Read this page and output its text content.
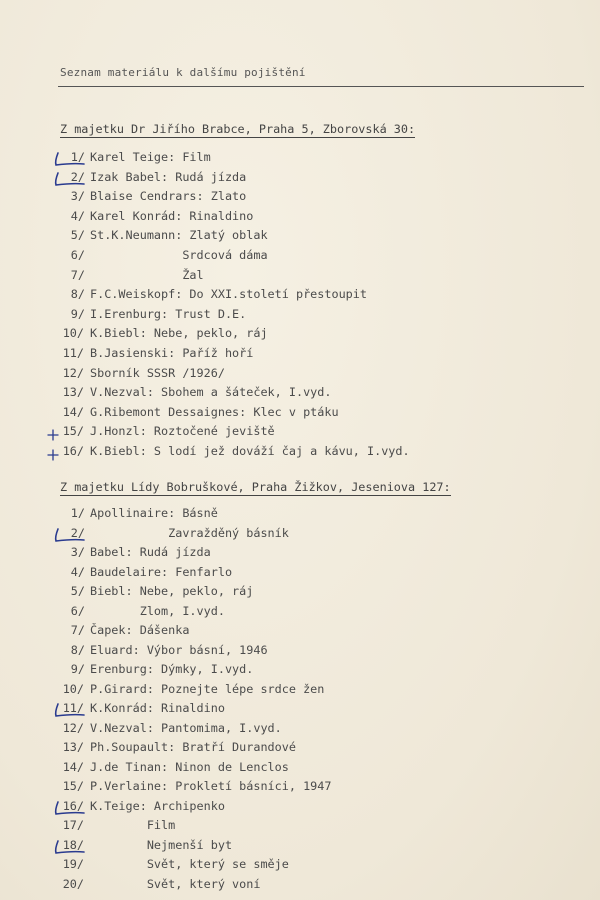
Seznam materiálu k dalšímu pojištění
Z majetku Dr Jiřího Brabce, Praha 5, Zborovská 30:
1/ Karel Teige: Film
2/ Izak Babel: Rudá jízda
3/ Blaise Cendrars: Zlato
4/ Karel Konrád: Rinaldino
5/ St.K.Neumann: Zlatý oblak
6/ Srdcová dáma
7/ Žal
8/ F.C.Weiskopf: Do XXI.století přestoupit
9/ I.Erenburg: Trust D.E.
10/ K.Biebl: Nebe, peklo, ráj
11/ B.Jasienski: Paříž hoří
12/ Sborník SSSR /1926/
13/ V.Nezval: Sbohem a šáteček, I.vyd.
14/ G.Ribemont Dessaignes: Klec v ptáku
15/ J.Honzl: Roztočené jeviště
16/ K.Biebl: S lodí jež dováží čaj a kávu, I.vyd.
Z majetku Lídy Bobruškové, Praha Žižkov, Jeseniova 127:
1/ Apollinaire: Básně
2/ Zavražděný básník
3/ Babel: Rudá jízda
4/ Baudelaire: Fenfarlo
5/ Biebl: Nebe, peklo, ráj
6/ Zlom, I.vyd.
7/ Čapek: Dášenka
8/ Eluard: Výbor básní, 1946
9/ Erenburg: Dýmky, I.vyd.
10/ P.Girard: Poznejte lépe srdce žen
11/ K.Konrád: Rinaldino
12/ V.Nezval: Pantomima, I.vyd.
13/ Ph.Soupault: Bratří Durandové
14/ J.de Tinan: Ninon de Lenclos
15/ P.Verlaine: Prokletí básníci, 1947
16/ K.Teige: Archipenko
17/ Film
18/ Nejmenší byt
19/ Svět, který se směje
20/ Svět, který voní
